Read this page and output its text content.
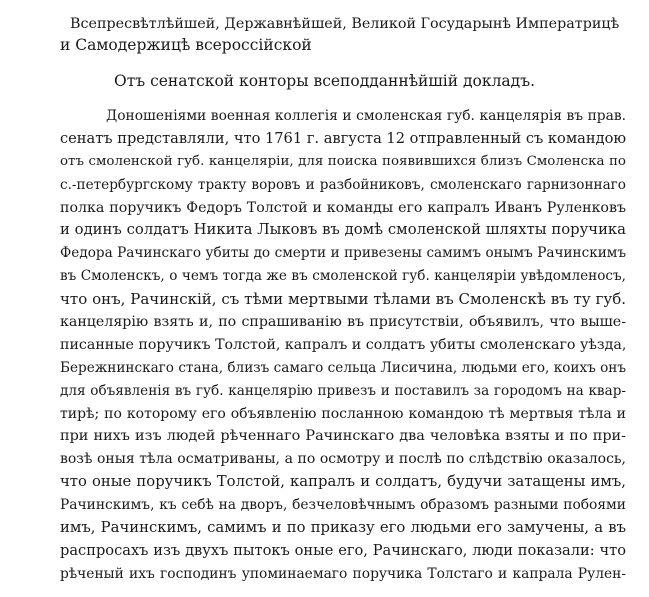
Всепресвѣтлѣйшей, Державнѣйшей, Великой Государынѣ Императрицѣ
и Самодержицѣ всероссійской
Отъ сенатской конторы всеподданнѣйшій докладъ.
Доношеніями военная коллегія и смоленская губ. канцелярія въ прав.
сенатъ представляли, что 1761 г. августа 12 отправленный съ командою
отъ смоленской губ. канцеляріи, для поиска появившихся близъ Смоленска по
с.-петербургскому тракту воровъ и разбойниковъ, смоленскаго гарнизоннаго
полка поручикъ Федоръ Толстой и команды его капралъ Иванъ Руленковъ
и одинъ солдатъ Никита Лыковъ въ домѣ смоленской шляхты поручика
Федора Рачинскаго убиты до смерти и привезены самимъ онымъ Рачинскимъ
въ Смоленскъ, о чемъ тогда же въ смоленской губ. канцеляріи увѣдомленосъ,
что онъ, Рачинскій, съ тѣми мертвыми тѣлами въ Смоленскѣ въ ту губ.
канцелярію взять и, по спрашиванію въ присутствіи, объявилъ, что выше-
писанные поручикъ Толстой, капралъ и солдатъ убиты смоленскаго уѣзда,
Бережнинскаго стана, близъ самаго сельца Лисичина, людьми его, коихъ онъ
для объявленія въ губ. канцелярію привезъ и поставилъ за городомъ на квар-
тирѣ; по которому его объявленію посланною командою тѣ мертвыя тѣла и
при нихъ изъ людей рѣченнаго Рачинскаго два человѣка взяты и по при-
возѣ оныя тѣла осматриваны, а по осмотру и послѣ по слѣдствію оказалось,
что оные поручикъ Толстой, капралъ и солдатъ, будучи затащены имъ,
Рачинскимъ, къ себѣ на дворъ, безчеловѣчнымъ образомъ разными побоями
имъ, Рачинскимъ, самимъ и по приказу его людьми его замучены, а въ
распросахъ изъ двухъ пытокъ оные его, Рачинскаго, люди показали: что
рѣченый ихъ господинъ упоминаемаго поручика Толстаго и капрала Рулен-
